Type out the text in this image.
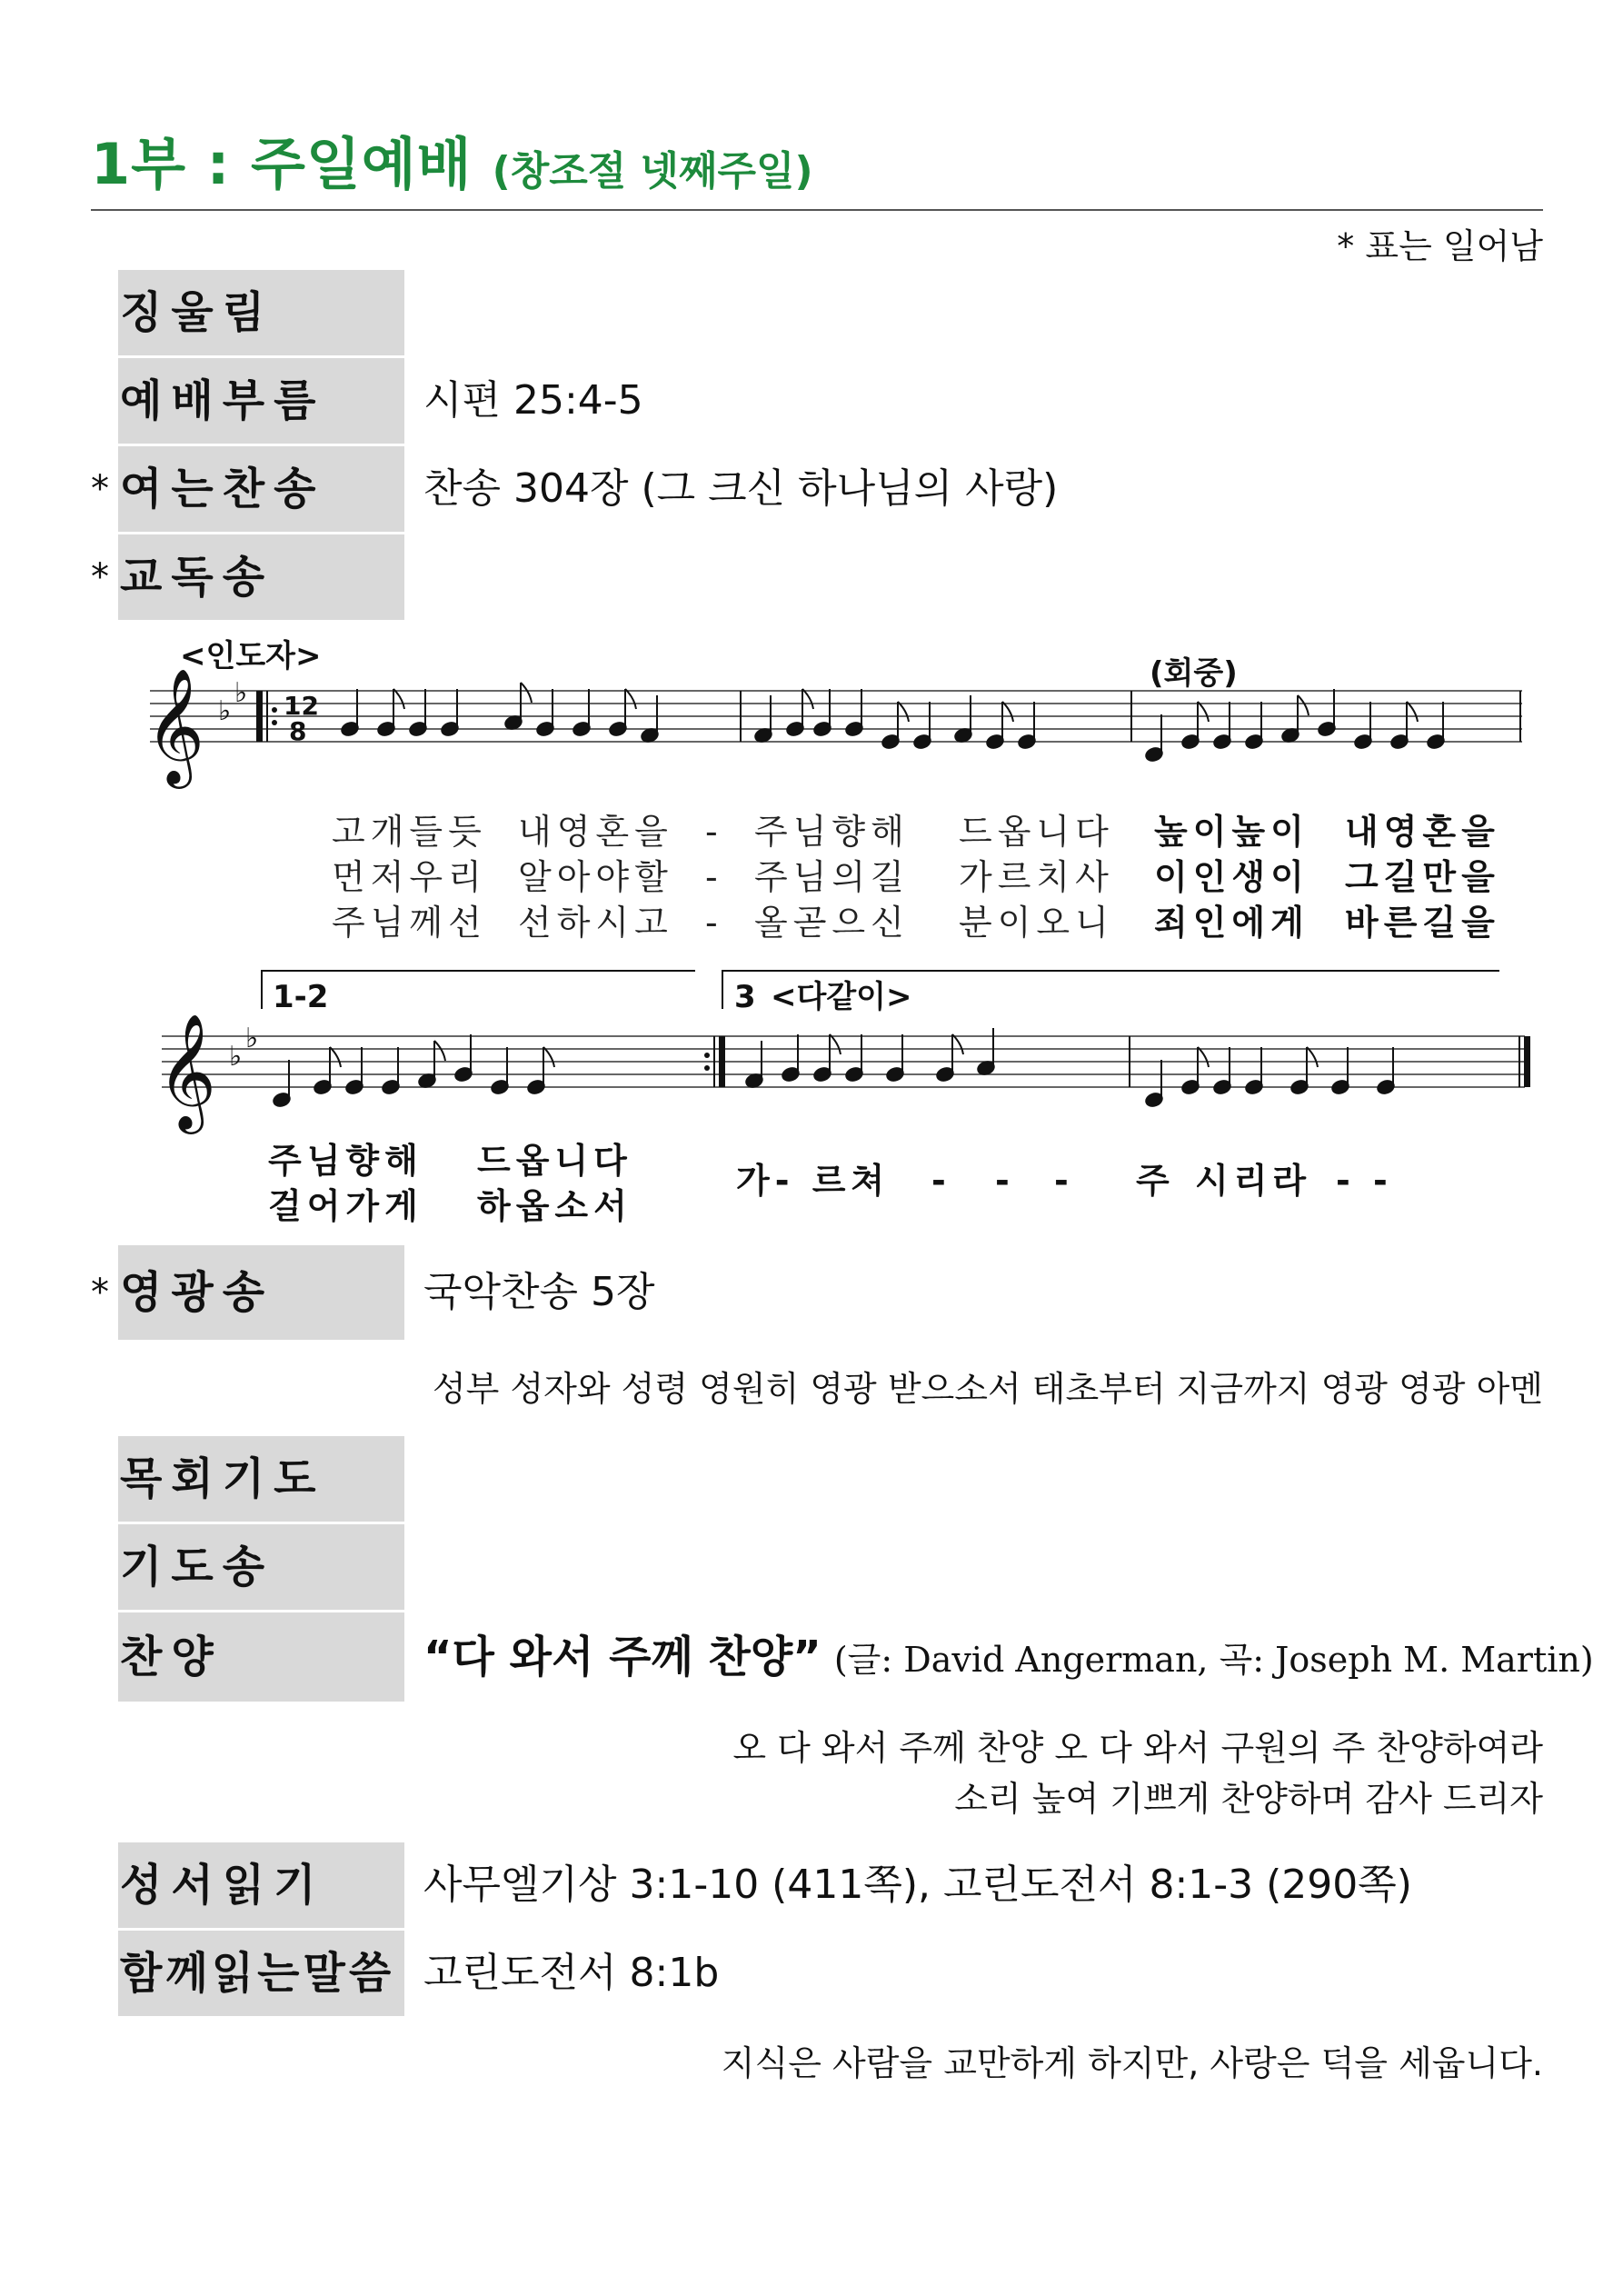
1부 : 주일예배 (창조절 넷째주일)
* 표는 일어남
징울림
예배부름	시편 25:4-5
* 여는찬송	찬송 304장 (그 크신 하나님의 사랑)
* 교독송
𝄞 ♭
♭ 12
8
<인도자>	(회중)
고개들듯 내영혼을 - 주님향해 드옵니다 높이높이 내영혼을
먼저우리 알아야할 - 주님의길 가르치사 이인생이 그길만을
주님께선 선하시고 - 올곧으신 분이오니 죄인에게 바른길을
𝄞 ♭
♭
1-2	3 <다같이>
주님향해 드옵니다
걸어가게 하옵소서
가- 르쳐 - - - 주 시리라 - -
* 영광송	국악찬송 5장
성부 성자와 성령 영원히 영광 받으소서 태초부터 지금까지 영광 영광 아멘
목회기도
기도송
찬양	“다 와서 주께 찬양” (글: David Angerman, 곡: Joseph M. Martin)
오 다 와서 주께 찬양 오 다 와서 구원의 주 찬양하여라
소리 높여 기쁘게 찬양하며 감사 드리자
성서읽기	사무엘기상 3:1-10 (411쪽), 고린도전서 8:1-3 (290쪽)
함께읽는말씀 고린도전서 8:1b
지식은 사람을 교만하게 하지만, 사랑은 덕을 세웁니다.
